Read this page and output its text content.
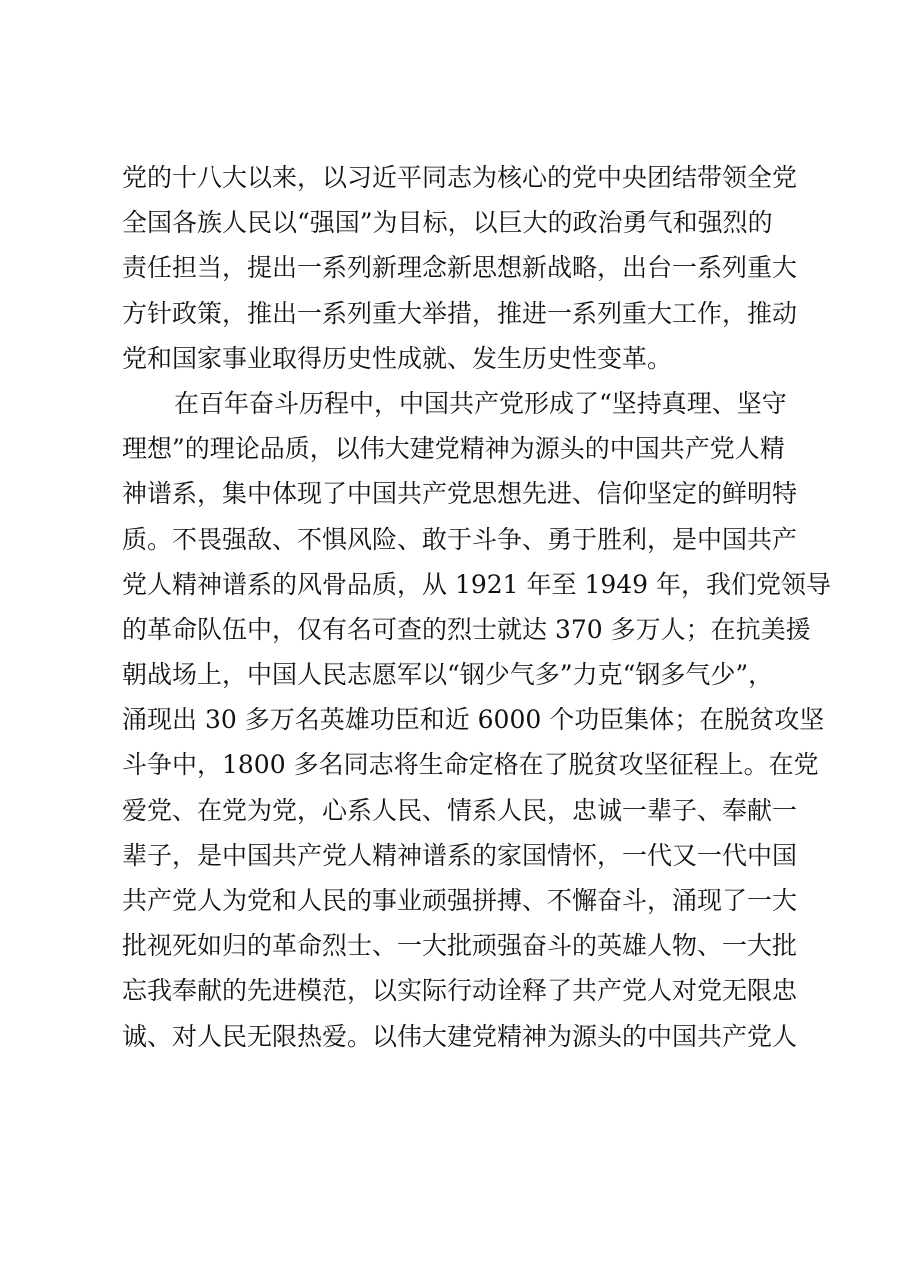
党的十八大以来，以习近平同志为核心的党中央团结带领全党
全国各族人民以“强国”为目标，以巨大的政治勇气和强烈的
责任担当，提出一系列新理念新思想新战略，出台一系列重大
方针政策，推出一系列重大举措，推进一系列重大工作，推动
党和国家事业取得历史性成就、发生历史性变革。
在百年奋斗历程中，中国共产党形成了“坚持真理、坚守
理想”的理论品质，以伟大建党精神为源头的中国共产党人精
神谱系，集中体现了中国共产党思想先进、信仰坚定的鲜明特
质。不畏强敌、不惧风险、敢于斗争、勇于胜利，是中国共产
党人精神谱系的风骨品质，从 1921 年至 1949 年，我们党领导
的革命队伍中，仅有名可查的烈士就达 370 多万人；在抗美援
朝战场上，中国人民志愿军以“钢少气多”力克“钢多气少”，
涌现出 30 多万名英雄功臣和近 6000 个功臣集体；在脱贫攻坚
斗争中，1800 多名同志将生命定格在了脱贫攻坚征程上。在党
爱党、在党为党，心系人民、情系人民，忠诚一辈子、奉献一
辈子，是中国共产党人精神谱系的家国情怀，一代又一代中国
共产党人为党和人民的事业顽强拼搏、不懈奋斗，涌现了一大
批视死如归的革命烈士、一大批顽强奋斗的英雄人物、一大批
忘我奉献的先进模范，以实际行动诠释了共产党人对党无限忠
诚、对人民无限热爱。以伟大建党精神为源头的中国共产党人
